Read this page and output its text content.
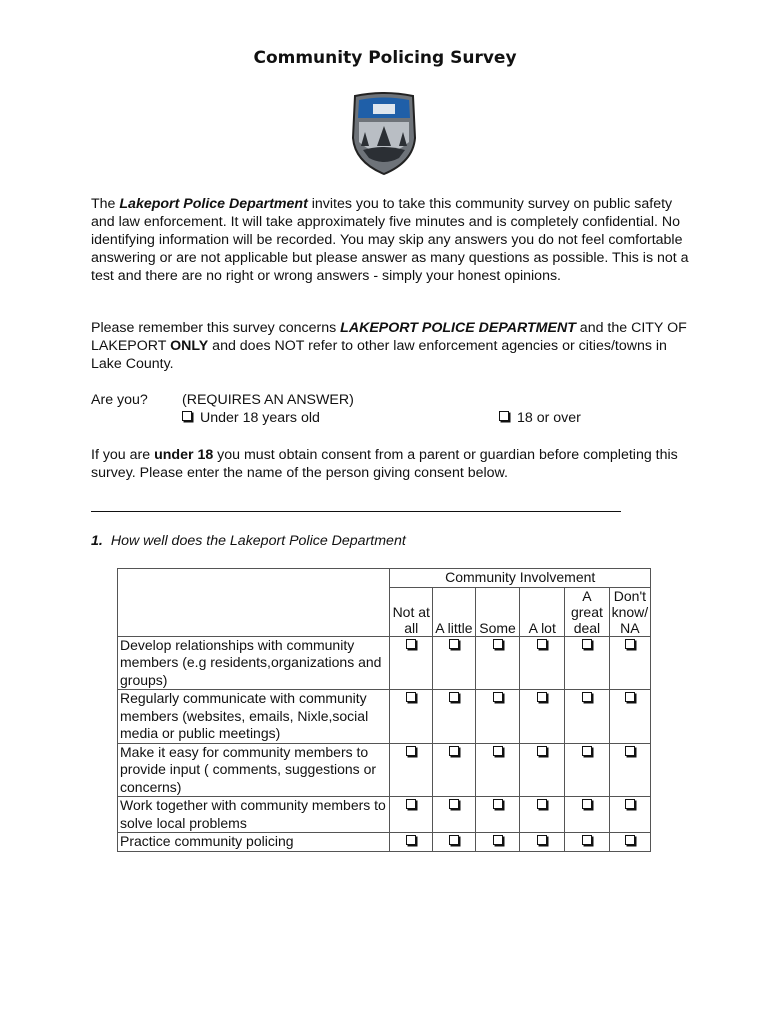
Community Policing Survey
The Lakeport Police Department invites you to take this community survey on public safety and law enforcement. It will take approximately five minutes and is completely confidential. No identifying information will be recorded. You may skip any answers you do not feel comfortable answering or are not applicable but please answer as many questions as possible. This is not a test and there are no right or wrong answers - simply your honest opinions.
Please remember this survey concerns LAKEPORT POLICE DEPARTMENT and the CITY OF LAKEPORT ONLY and does NOT refer to other law enforcement agencies or cities/towns in Lake County.
Are you? (REQUIRES AN ANSWER)
Under 18 years old	18 or over
If you are under 18 you must obtain consent from a parent or guardian before completing this survey. Please enter the name of the person giving consent below.
1. How well does the Lakeport Police Department
	Community Involvement					
	Not at all	A little	Some	A lot	A great deal	Don't know/ NA
Develop relationships with community members (e.g residents,organizations and groups)						
Regularly communicate with community members (websites, emails, Nixle,social media or public meetings)						
Make it easy for community members to provide input ( comments, suggestions or concerns)						
Work together with community members to solve local problems						
Practice community policing						
